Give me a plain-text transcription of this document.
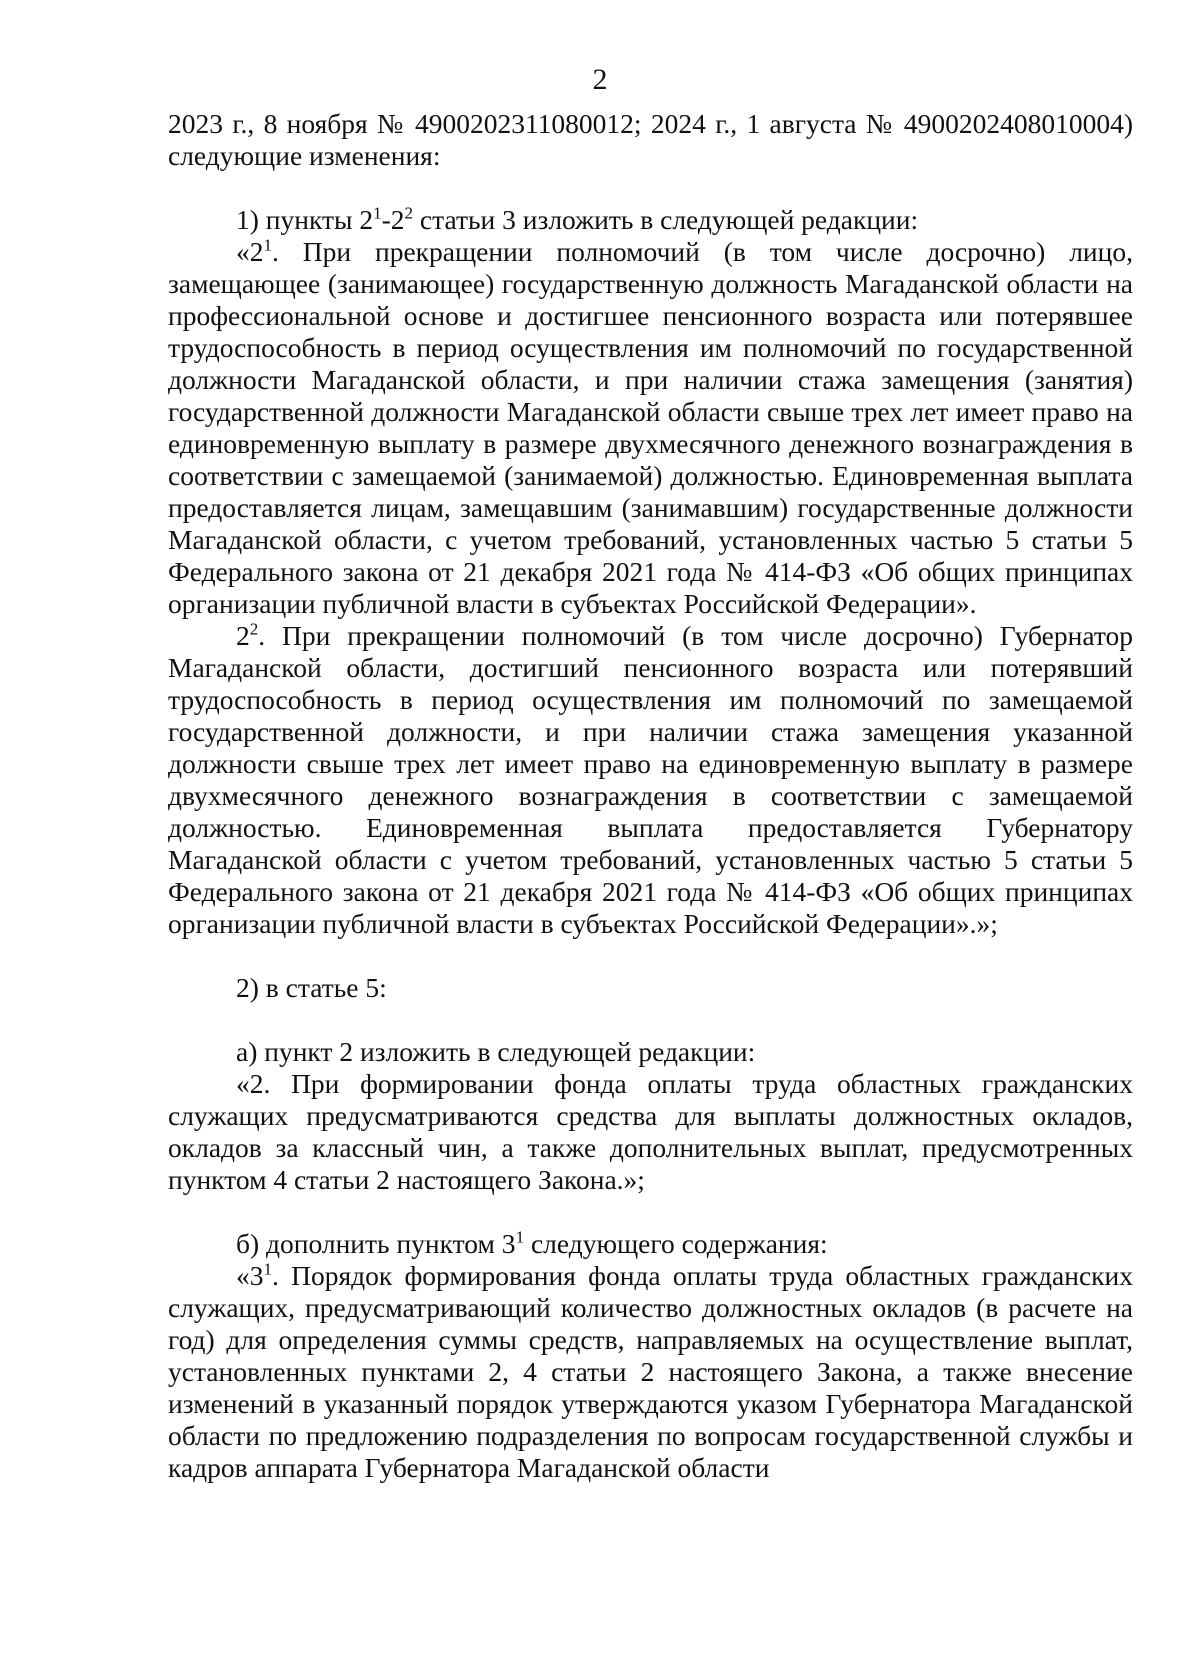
2

2023 г., 8 ноября № 4900202311080012; 2024 г., 1 августа № 4900202408010004) следующие изменения:

1) пункты $2^1-2^2$ статьи 3 изложить в следующей редакции:

«$2^1$. При прекращении полномочий (в том числе досрочно) лицо, замещающее (занимающее) государственную должность Магаданской области на профессиональной основе и достигшее пенсионного возраста или потерявшее трудоспособность в период осуществления им полномочий по государственной должности Магаданской области, и при наличии стажа замещения (занятия) государственной должности Магаданской области свыше трех лет имеет право на единовременную выплату в размере двухмесячного денежного вознаграждения в соответствии с замещаемой (занимаемой) должностью. Единовременная выплата предоставляется лицам, замещавшим (занимавшим) государственные должности Магаданской области, с учетом требований, установленных частью 5 статьи 5 Федерального закона от 21 декабря 2021 года № 414-ФЗ «Об общих принципах организации публичной власти в субъектах Российской Федерации».

$2^2$. При прекращении полномочий (в том числе досрочно) Губернатор Магаданской области, достигший пенсионного возраста или потерявший трудоспособность в период осуществления им полномочий по замещаемой государственной должности, и при наличии стажа замещения указанной должности свыше трех лет имеет право на единовременную выплату в размере двухмесячного денежного вознаграждения в соответствии с замещаемой должностью. Единовременная выплата предоставляется Губернатору Магаданской области с учетом требований, установленных частью 5 статьи 5 Федерального закона от 21 декабря 2021 года № 414-ФЗ «Об общих принципах организации публичной власти в субъектах Российской Федерации».»;

2) в статье 5:

а) пункт 2 изложить в следующей редакции:

«2. При формировании фонда оплаты труда областных гражданских служащих предусматриваются средства для выплаты должностных окладов, окладов за классный чин, а также дополнительных выплат, предусмотренных пунктом 4 статьи 2 настоящего Закона.»;

б) дополнить пунктом $3^1$ следующего содержания:

«$3^1$. Порядок формирования фонда оплаты труда областных гражданских служащих, предусматривающий количество должностных окладов (в расчете на год) для определения суммы средств, направляемых на осуществление выплат, установленных пунктами 2, 4 статьи 2 настоящего Закона, а также внесение изменений в указанный порядок утверждаются указом Губернатора Магаданской области по предложению подразделения по вопросам государственной службы и кадров аппарата Губернатора Магаданской области
